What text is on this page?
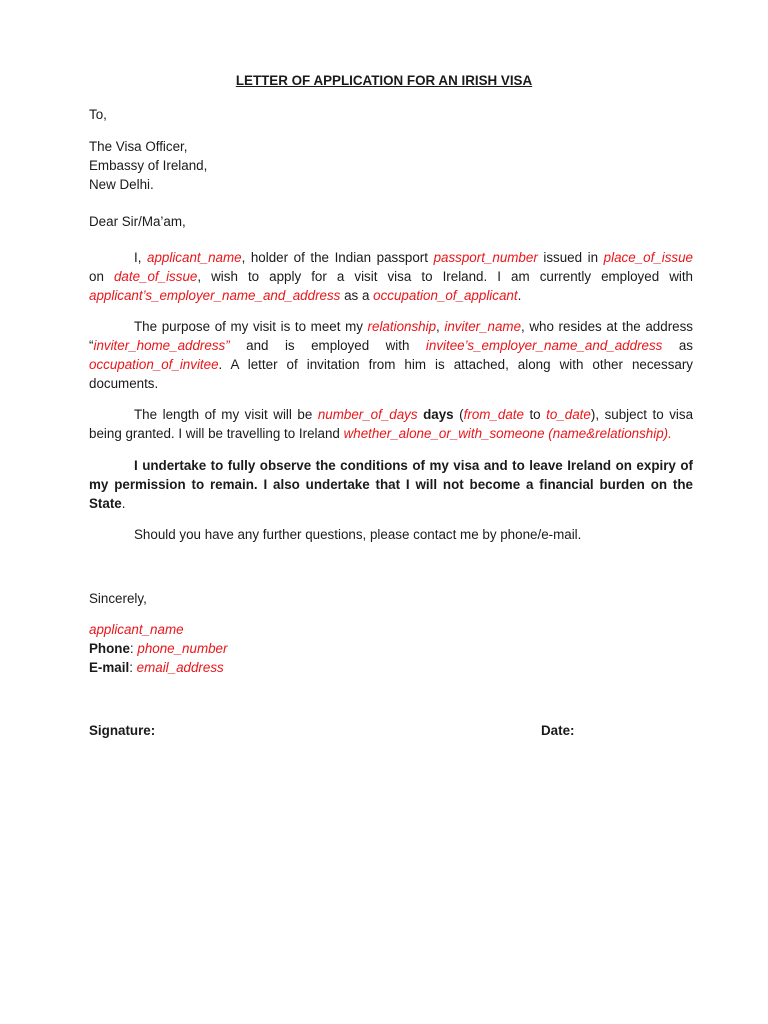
LETTER OF APPLICATION FOR AN IRISH VISA
To,
The Visa Officer,
Embassy of Ireland,
New Delhi.
Dear Sir/Ma’am,
I, applicant_name, holder of the Indian passport passport_number issued in place_of_issue on date_of_issue, wish to apply for a visit visa to Ireland. I am currently employed with applicant’s_employer_name_and_address as a occupation_of_applicant.
The purpose of my visit is to meet my relationship, inviter_name, who resides at the address “inviter_home_address” and is employed with invitee’s_employer_name_and_address as occupation_of_invitee. A letter of invitation from him is attached, along with other necessary documents.
The length of my visit will be number_of_days days (from_date to to_date), subject to visa being granted. I will be travelling to Ireland whether_alone_or_with_someone (name&relationship).
I undertake to fully observe the conditions of my visa and to leave Ireland on expiry of my permission to remain. I also undertake that I will not become a financial burden on the State.
Should you have any further questions, please contact me by phone/e-mail.
Sincerely,
applicant_name
Phone: phone_number
E-mail: email_address
Signature:	Date:
